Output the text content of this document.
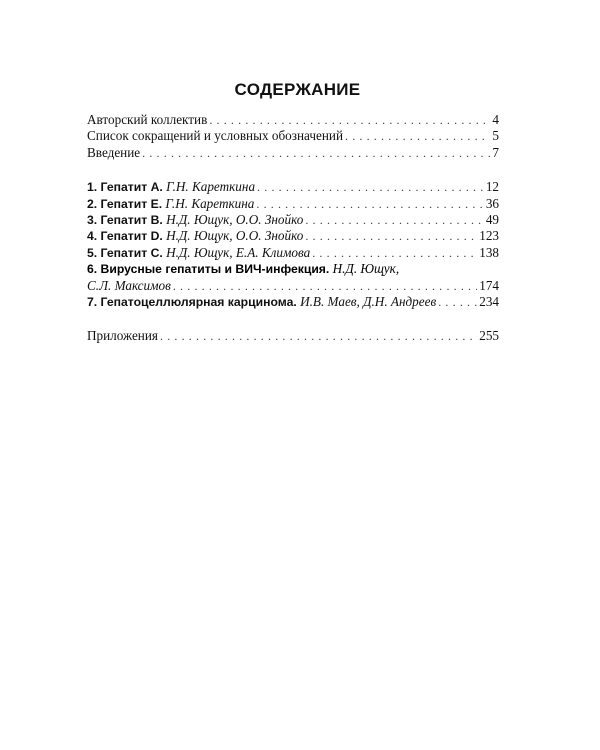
СОДЕРЖАНИЕ
Авторский коллектив . . .	4
Список сокращений и условных обозначений . . .	5
Введение . . .	7
1. Гепатит А. Г.Н. Кареткина . . .	12
2. Гепатит Е. Г.Н. Кареткина . . .	36
3. Гепатит В. Н.Д. Ющук, О.О. Знойко . . .	49
4. Гепатит D. Н.Д. Ющук, О.О. Знойко . . .	123
5. Гепатит С. Н.Д. Ющук, Е.А. Климова . . .	138
6. Вирусные гепатиты и ВИЧ-инфекция. Н.Д. Ющук,
С.Л. Максимов . . .	174
7. Гепатоцеллюлярная карцинома. И.В. Маев, Д.Н. Андреев . . .	234
Приложения . . .	255
